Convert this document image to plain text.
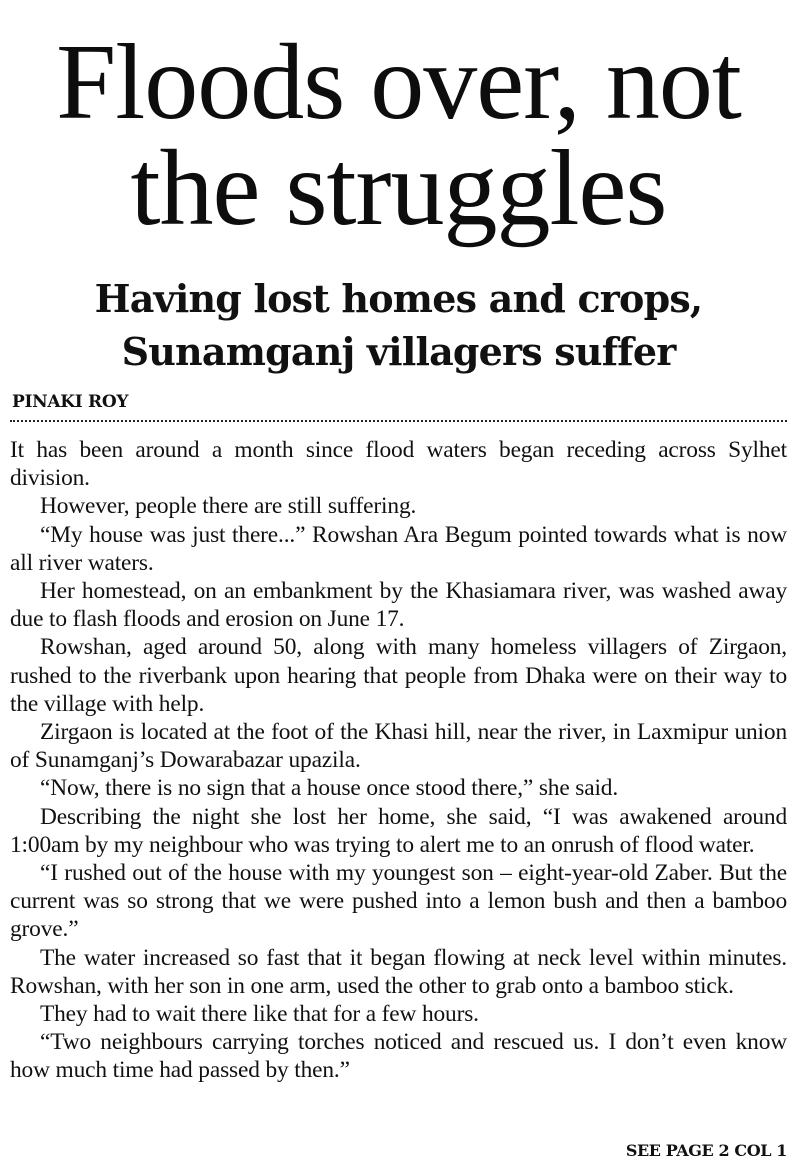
Floods over, not
the struggles
Having lost homes and crops,
Sunamganj villagers suffer
PINAKI ROY

It has been around a month since flood waters began receding across Sylhet division.

However, people there are still suffering.

“My house was just there...” Rowshan Ara Begum pointed towards what is now all river waters.

Her homestead, on an embankment by the Khasiamara river, was washed away due to flash floods and erosion on June 17.

Rowshan, aged around 50, along with many homeless villagers of Zirgaon, rushed to the riverbank upon hearing that people from Dhaka were on their way to the village with help.

Zirgaon is located at the foot of the Khasi hill, near the river, in Laxmipur union of Sunamganj’s Dowarabazar upazila.

“Now, there is no sign that a house once stood there,” she said.

Describing the night she lost her home, she said, “I was awakened around 1:00am by my neighbour who was trying to alert me to an onrush of flood water.

“I rushed out of the house with my youngest son – eight-year-old Zaber. But the current was so strong that we were pushed into a lemon bush and then a bamboo grove.”

The water increased so fast that it began flowing at neck level within minutes. Rowshan, with her son in one arm, used the other to grab onto a bamboo stick.

They had to wait there like that for a few hours.

“Two neighbours carrying torches noticed and rescued us. I don’t even know how much time had passed by then.”

SEE PAGE 2 COL 1
